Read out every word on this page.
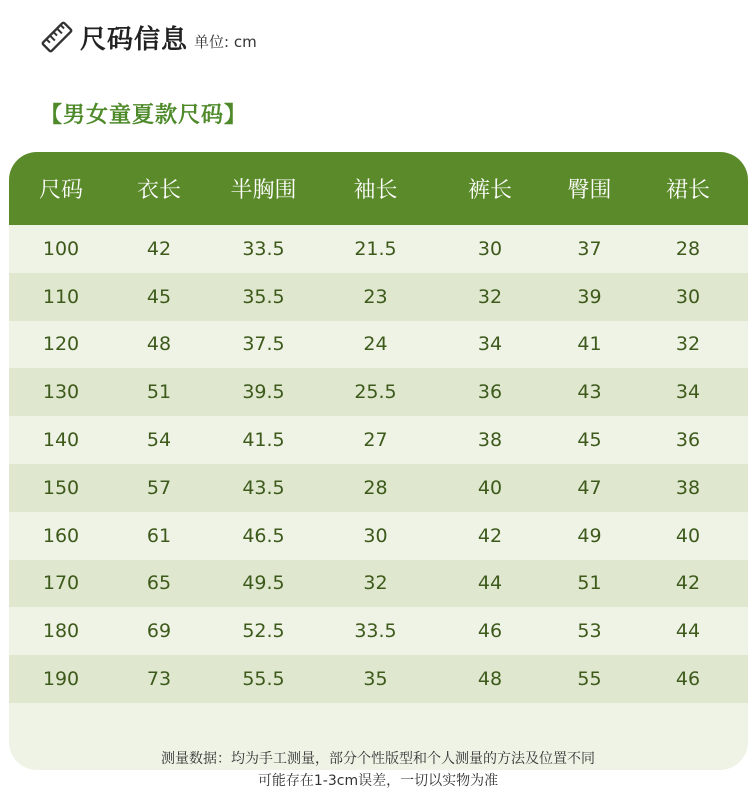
尺码信息 单位: cm
【男女童夏款尺码】
尺码	衣长	半胸围	袖长	裤长	臀围	裙长
100	42	33.5	21.5	30	37	28
110	45	35.5	23	32	39	30
120	48	37.5	24	34	41	32
130	51	39.5	25.5	36	43	34
140	54	41.5	27	38	45	36
150	57	43.5	28	40	47	38
160	61	46.5	30	42	49	40
170	65	49.5	32	44	51	42
180	69	52.5	33.5	46	53	44
190	73	55.5	35	48	55	46
测量数据：均为手工测量，部分个性版型和个人测量的方法及位置不同
可能存在1-3cm误差，一切以实物为准
